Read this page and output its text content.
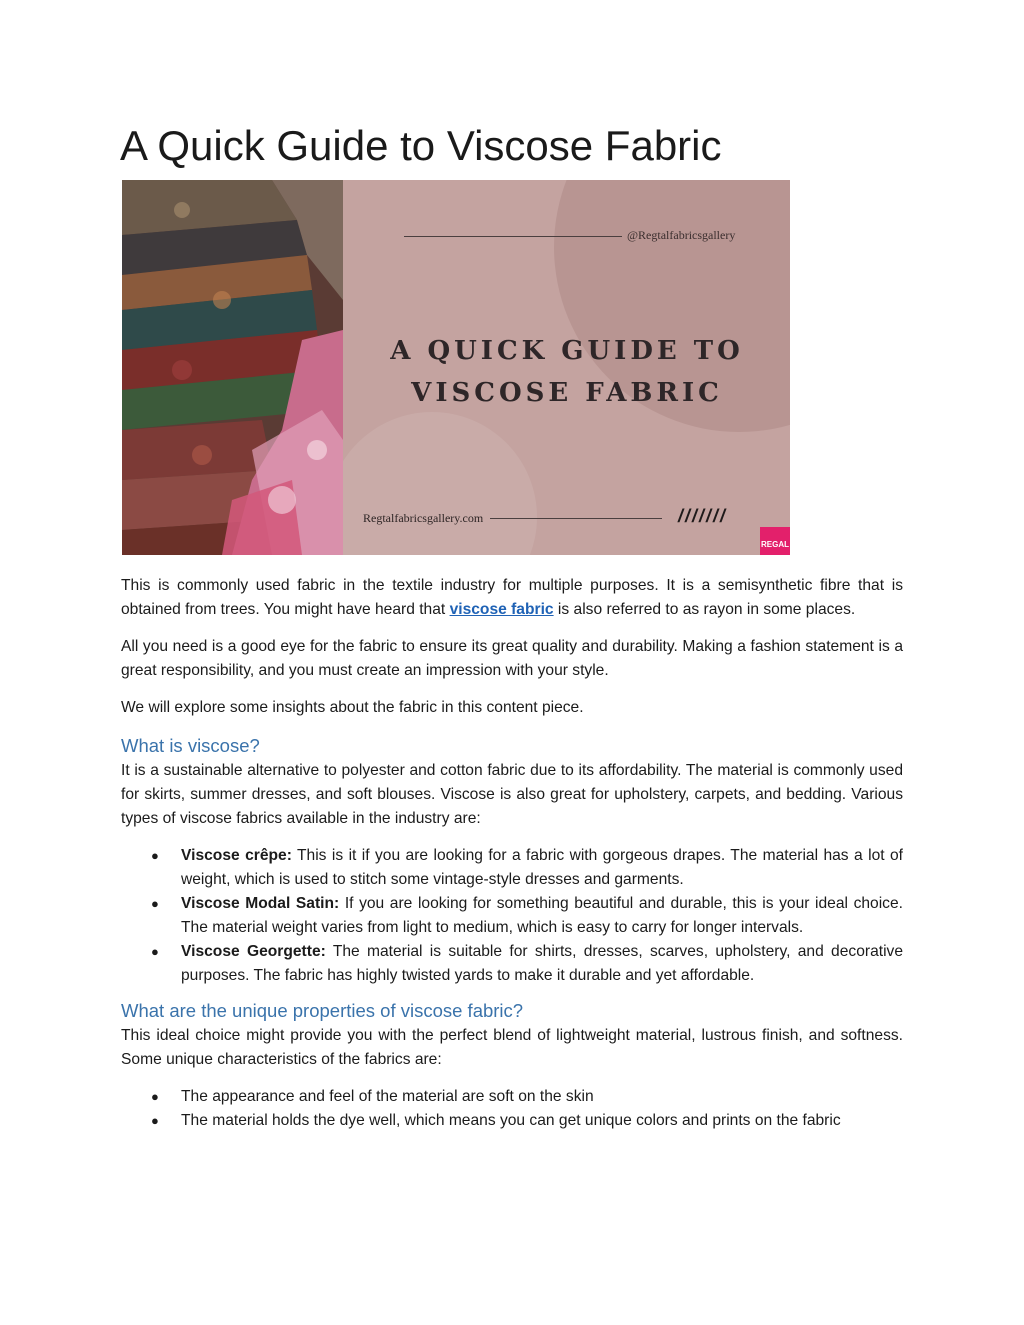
A Quick Guide to Viscose Fabric
@Regtalfabricsgallery
A QUICK GUIDE TO
VISCOSE FABRIC
Regtalfabricsgallery.com	///////
REGAL

This is commonly used fabric in the textile industry for multiple purposes. It is a semisynthetic fibre that is obtained from trees. You might have heard that viscose fabric is also referred to as rayon in some places.

All you need is a good eye for the fabric to ensure its great quality and durability. Making a fashion statement is a great responsibility, and you must create an impression with your style.

We will explore some insights about the fabric in this content piece.

What is viscose?

It is a sustainable alternative to polyester and cotton fabric due to its affordability. The material is commonly used for skirts, summer dresses, and soft blouses. Viscose is also great for upholstery, carpets, and bedding. Various types of viscose fabrics available in the industry are:

● Viscose crêpe: This is it if you are looking for a fabric with gorgeous drapes. The material has a lot of weight, which is used to stitch some vintage-style dresses and garments.
● Viscose Modal Satin: If you are looking for something beautiful and durable, this is your ideal choice. The material weight varies from light to medium, which is easy to carry for longer intervals.
● Viscose Georgette: The material is suitable for shirts, dresses, scarves, upholstery, and decorative purposes. The fabric has highly twisted yards to make it durable and yet affordable.
What are the unique properties of viscose fabric?

This ideal choice might provide you with the perfect blend of lightweight material, lustrous finish, and softness. Some unique characteristics of the fabrics are:

● The appearance and feel of the material are soft on the skin
● The material holds the dye well, which means you can get unique colors and prints on the fabric
